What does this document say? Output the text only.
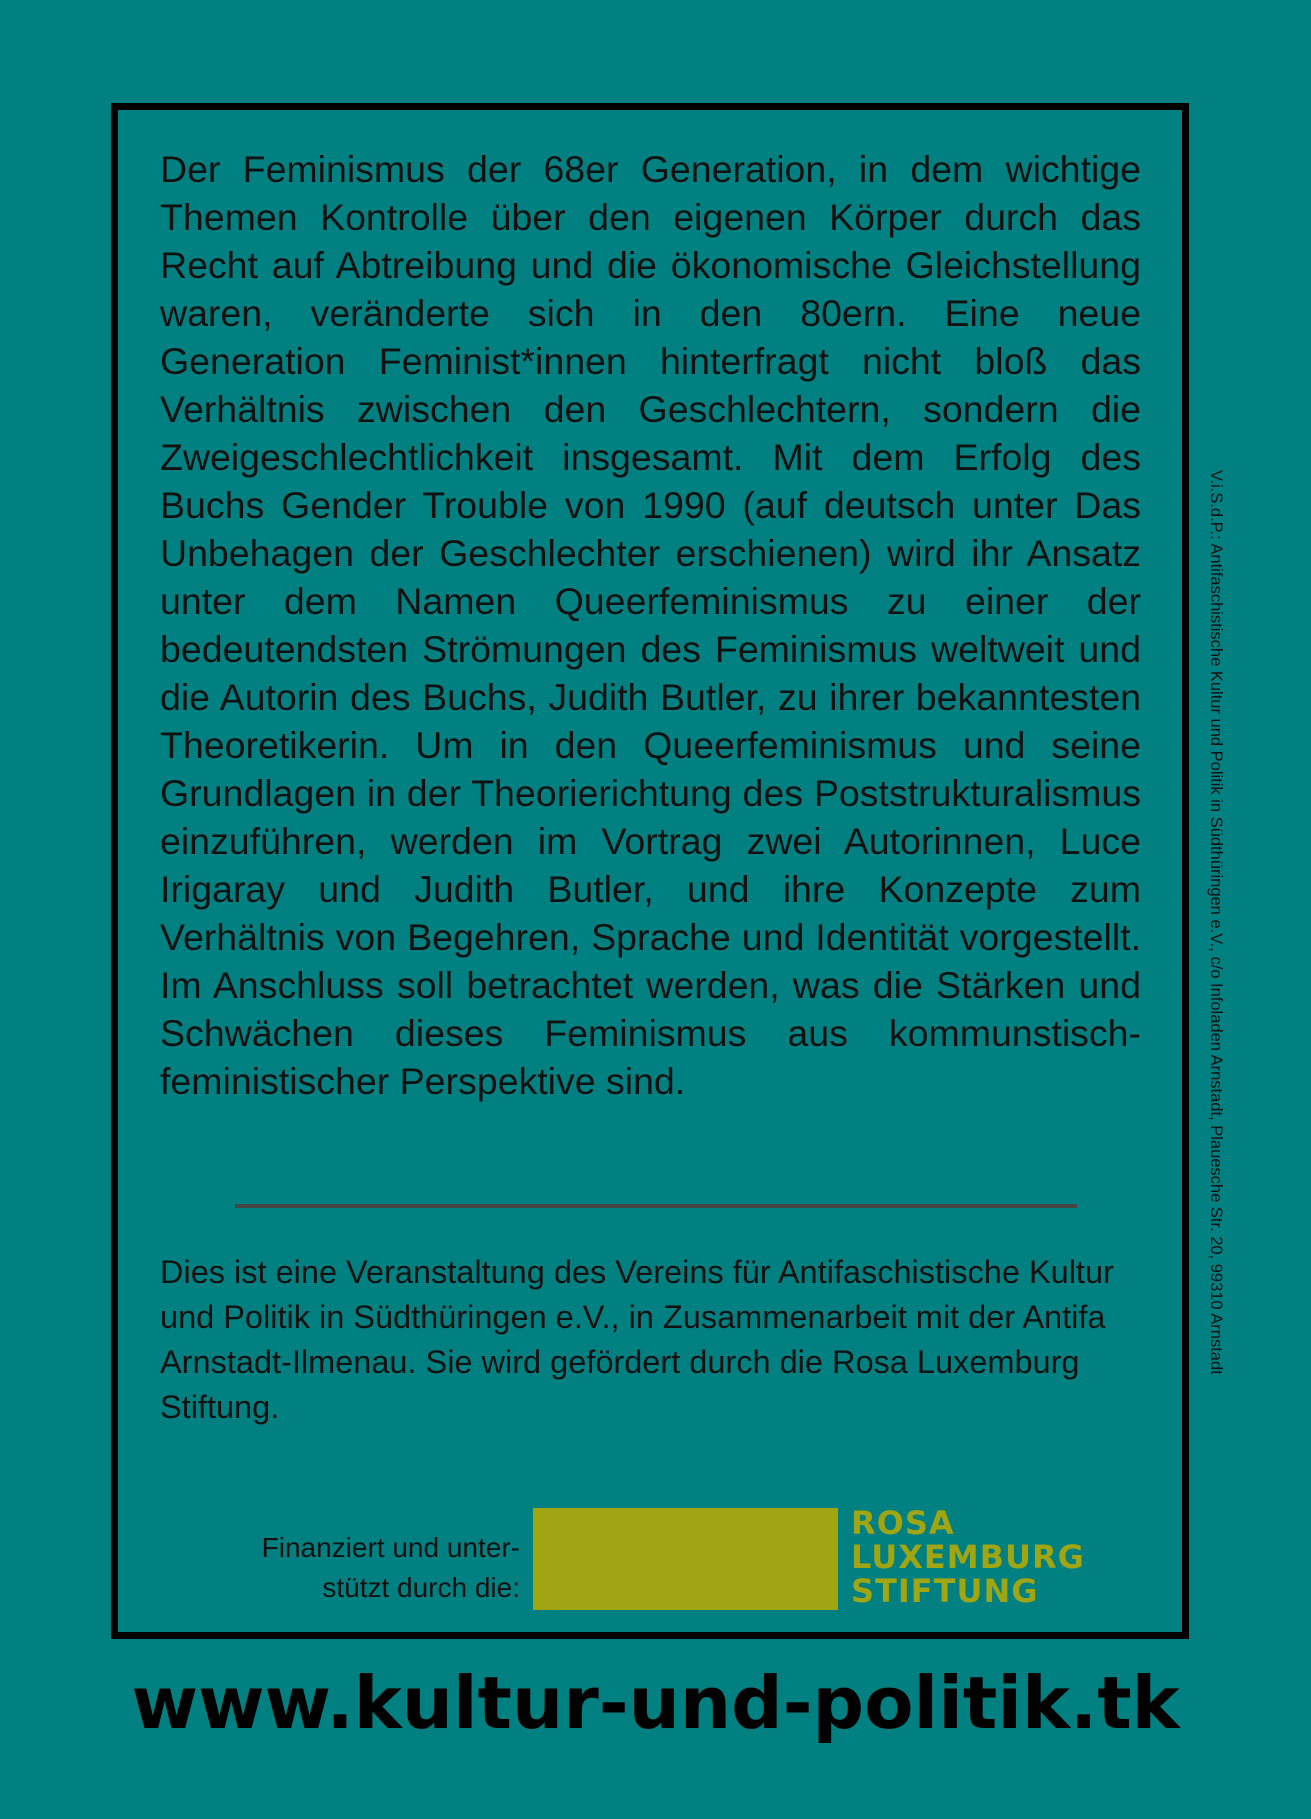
Der Feminismus der 68er Generation, in dem wichtige Themen Kontrolle über den eigenen Körper durch das Recht auf Abtreibung und die ökonomische Gleichstellung waren, veränderte sich in den 80ern. Eine neue Generation Feminist*innen hinterfragt nicht bloß das Verhältnis zwischen den Geschlechtern, sondern die Zweigeschlechtlichkeit insgesamt. Mit dem Erfolg des Buchs Gender Trouble von 1990 (auf deutsch unter Das Unbehagen der Geschlechter erschienen) wird ihr Ansatz unter dem Namen Queerfeminismus zu einer der bedeutendsten Strömungen des Feminismus weltweit und die Autorin des Buchs, Judith Butler, zu ihrer bekanntesten Theoretikerin. Um in den Queerfeminismus und seine Grundlagen in der Theorierichtung des Poststrukturalismus einzuführen, werden im Vortrag zwei Autorinnen, Luce Irigaray und Judith Butler, und ihre Konzepte zum Verhältnis von Begehren, Sprache und Identität vorgestellt. Im Anschluss soll betrachtet werden, was die Stärken und Schwächen dieses Feminismus aus kommunstisch-feministischer Perspektive sind.

Dies ist eine Veranstaltung des Vereins für Antifaschistische Kultur und Politik in Südthüringen e.V., in Zusammenarbeit mit der Antifa Arnstadt-Ilmenau. Sie wird gefördert durch die Rosa Luxemburg Stiftung.

Finanziert und unter-
stützt durch die:
ROSA
LUXEMBURG
STIFTUNG
V.i.S.d.P.: Antifaschistische Kultur und Politik in Südthüringen e.V., c/o Infoladen Arnstadt, Plauesche Str. 20, 99310 Arnstadt

www.kultur-und-politik.tk
